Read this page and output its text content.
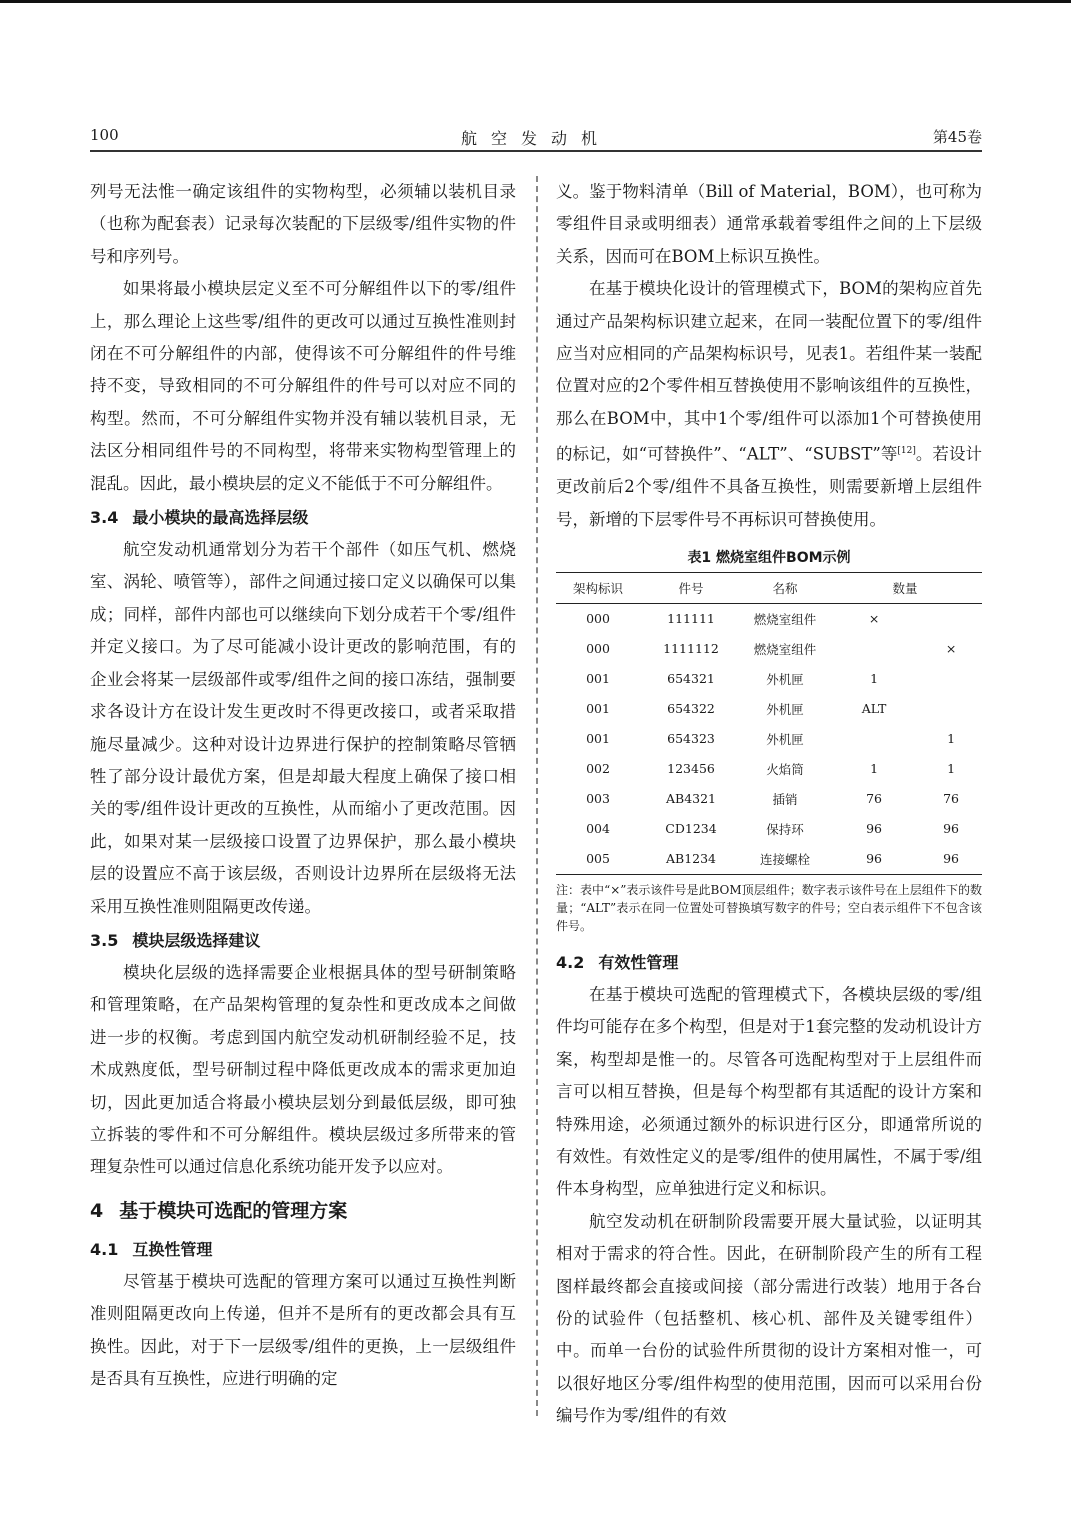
100	航空发动机	第45卷

列号无法惟一确定该组件的实物构型，必须辅以装机目录（也称为配套表）记录每次装配的下层级零/组件实物的件号和序列号。

如果将最小模块层定义至不可分解组件以下的零/组件上，那么理论上这些零/组件的更改可以通过互换性准则封闭在不可分解组件的内部，使得该不可分解组件的件号维持不变，导致相同的不可分解组件的件号可以对应不同的构型。然而，不可分解组件实物并没有辅以装机目录，无法区分相同组件号的不同构型，将带来实物构型管理上的混乱。因此，最小模块层的定义不能低于不可分解组件。

3.4 最小模块的最高选择层级

航空发动机通常划分为若干个部件（如压气机、燃烧室、涡轮、喷管等），部件之间通过接口定义以确保可以集成；同样，部件内部也可以继续向下划分成若干个零/组件并定义接口。为了尽可能减小设计更改的影响范围，有的企业会将某一层级部件或零/组件之间的接口冻结，强制要求各设计方在设计发生更改时不得更改接口，或者采取措施尽量减少。这种对设计边界进行保护的控制策略尽管牺牲了部分设计最优方案，但是却最大程度上确保了接口相关的零/组件设计更改的互换性，从而缩小了更改范围。因此，如果对某一层级接口设置了边界保护，那么最小模块层的设置应不高于该层级，否则设计边界所在层级将无法采用互换性准则阻隔更改传递。

3.5 模块层级选择建议

模块化层级的选择需要企业根据具体的型号研制策略和管理策略，在产品架构管理的复杂性和更改成本之间做进一步的权衡。考虑到国内航空发动机研制经验不足，技术成熟度低，型号研制过程中降低更改成本的需求更加迫切，因此更加适合将最小模块层划分到最低层级，即可独立拆装的零件和不可分解组件。模块层级过多所带来的管理复杂性可以通过信息化系统功能开发予以应对。

4 基于模块可选配的管理方案
4.1 互换性管理

尽管基于模块可选配的管理方案可以通过互换性判断准则阻隔更改向上传递，但并不是所有的更改都会具有互换性。因此，对于下一层级零/组件的更换，上一层级组件是否具有互换性，应进行明确的定

义。鉴于物料清单（Bill of Material，BOM），也可称为零组件目录或明细表）通常承载着零组件之间的上下层级关系，因而可在BOM上标识互换性。

在基于模块化设计的管理模式下，BOM的架构应首先通过产品架构标识建立起来，在同一装配位置下的零/组件应当对应相同的产品架构标识号，见表1。若组件某一装配位置对应的2个零件相互替换使用不影响该组件的互换性，那么在BOM中，其中1个零/组件可以添加1个可替换使用的标记，如“可替换件”、“ALT”、“SUBST”等[12]。若设计更改前后2个零/组件不具备互换性，则需要新增上层组件号，新增的下层零件号不再标识可替换使用。

表1 燃烧室组件BOM示例
架构标识	件号	名称	数量	
000	111111	燃烧室组件	×	
000	1111112	燃烧室组件		×
001	654321	外机匣	1	
001	654322	外机匣	ALT	
001	654323	外机匣		1
002	123456	火焰筒	1	1
003	AB4321	插销	76	76
004	CD1234	保持环	96	96
005	AB1234	连接螺栓	96	96
注：表中“×”表示该件号是此BOM顶层组件；数字表示该件号在上层组件下的数量；“ALT”表示在同一位置处可替换填写数字的件号；空白表示组件下不包含该件号。
4.2 有效性管理

在基于模块可选配的管理模式下，各模块层级的零/组件均可能存在多个构型，但是对于1套完整的发动机设计方案，构型却是惟一的。尽管各可选配构型对于上层组件而言可以相互替换，但是每个构型都有其适配的设计方案和特殊用途，必须通过额外的标识进行区分，即通常所说的有效性。有效性定义的是零/组件的使用属性，不属于零/组件本身构型，应单独进行定义和标识。

航空发动机在研制阶段需要开展大量试验，以证明其相对于需求的符合性。因此，在研制阶段产生的所有工程图样最终都会直接或间接（部分需进行改装）地用于各台份的试验件（包括整机、核心机、部件及关键零组件）中。而单一台份的试验件所贯彻的设计方案相对惟一，可以很好地区分零/组件构型的使用范围，因而可以采用台份编号作为零/组件的有效
